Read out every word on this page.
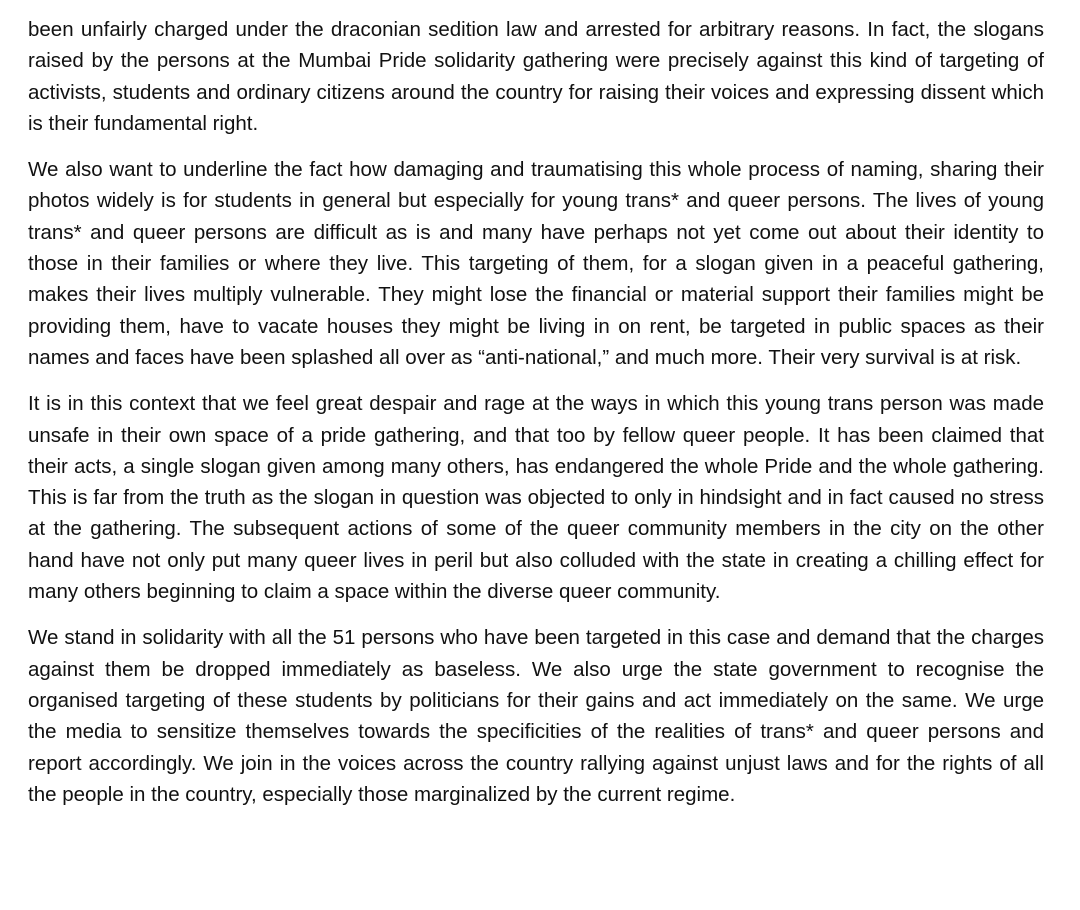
been unfairly charged under the draconian sedition law and arrested for arbitrary reasons. In fact, the slogans raised by the persons at the Mumbai Pride solidarity gathering were precisely against this kind of targeting of activists, students and ordinary citizens around the country for raising their voices and expressing dissent which is their fundamental right.

We also want to underline the fact how damaging and traumatising this whole process of naming, sharing their photos widely is for students in general but especially for young trans* and queer persons. The lives of young trans* and queer persons are difficult as is and many have perhaps not yet come out about their identity to those in their families or where they live. This targeting of them, for a slogan given in a peaceful gathering, makes their lives multiply vulnerable. They might lose the financial or material support their families might be providing them, have to vacate houses they might be living in on rent, be targeted in public spaces as their names and faces have been splashed all over as “anti-national,” and much more. Their very survival is at risk.

It is in this context that we feel great despair and rage at the ways in which this young trans person was made unsafe in their own space of a pride gathering, and that too by fellow queer people. It has been claimed that their acts, a single slogan given among many others, has endangered the whole Pride and the whole gathering. This is far from the truth as the slogan in question was objected to only in hindsight and in fact caused no stress at the gathering. The subsequent actions of some of the queer community members in the city on the other hand have not only put many queer lives in peril but also colluded with the state in creating a chilling effect for many others beginning to claim a space within the diverse queer community.

We stand in solidarity with all the 51 persons who have been targeted in this case and demand that the charges against them be dropped immediately as baseless. We also urge the state government to recognise the organised targeting of these students by politicians for their gains and act immediately on the same. We urge the media to sensitize themselves towards the specificities of the realities of trans* and queer persons and report accordingly. We join in the voices across the country rallying against unjust laws and for the rights of all the people in the country, especially those marginalized by the current regime.
